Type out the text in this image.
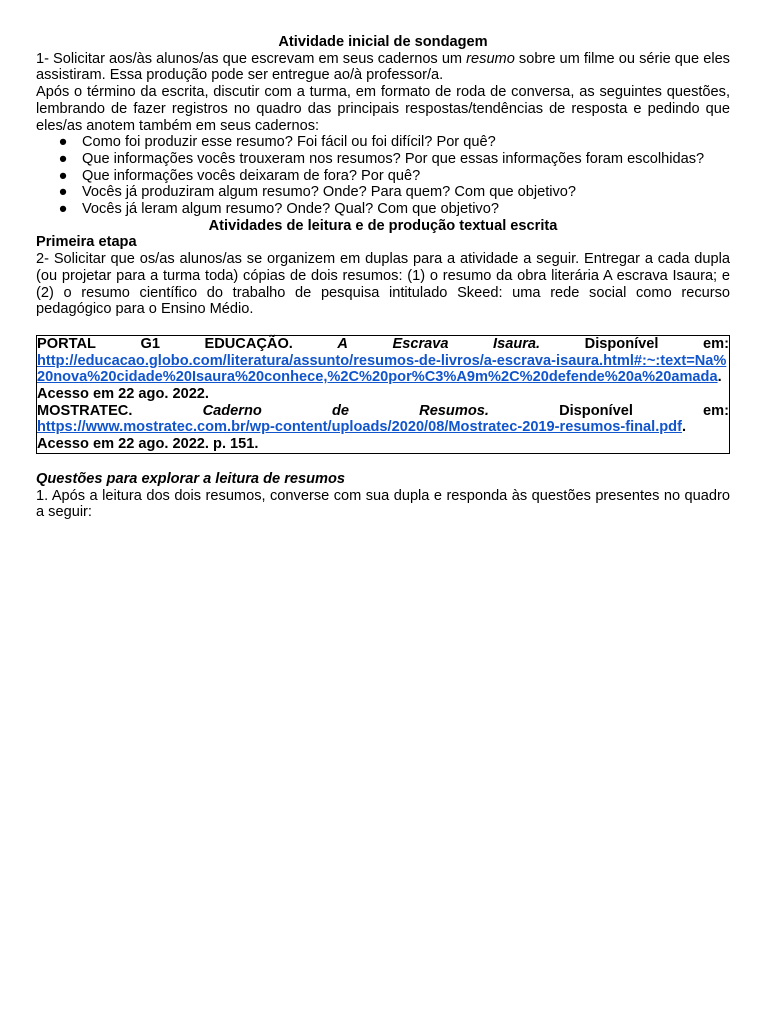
Atividade inicial de sondagem

1- Solicitar aos/às alunos/as que escrevam em seus cadernos um resumo sobre um filme ou série que eles assistiram. Essa produção pode ser entregue ao/à professor/a.

Após o término da escrita, discutir com a turma, em formato de roda de conversa, as seguintes questões, lembrando de fazer registros no quadro das principais respostas/tendências de resposta e pedindo que eles/as anotem também em seus cadernos:

● Como foi produzir esse resumo? Foi fácil ou foi difícil? Por quê?
● Que informações vocês trouxeram nos resumos? Por que essas informações foram escolhidas?
● Que informações vocês deixaram de fora? Por quê?
● Vocês já produziram algum resumo? Onde? Para quem? Com que objetivo?
● Vocês já leram algum resumo? Onde? Qual? Com que objetivo?

Atividades de leitura e de produção textual escrita

Primeira etapa

2- Solicitar que os/as alunos/as se organizem em duplas para a atividade a seguir. Entregar a cada dupla (ou projetar para a turma toda) cópias de dois resumos: (1) o resumo da obra literária A escrava Isaura; e (2) o resumo científico do trabalho de pesquisa intitulado Skeed: uma rede social como recurso pedagógico para o Ensino Médio.

PORTAL	G1	EDUCAÇÃO.	A	Escrava	Isaura.	Disponível	em:
http://educacao.globo.com/literatura/assunto/resumos-de-livros/a-escrava-isaura.html#:~:text=Na%20nova%20cidade%20Isaura%20conhece,%2C%20por%C3%A9m%2C%20defende%20a%20amada. Acesso em 22 ago. 2022.
MOSTRATEC.	Caderno	de	Resumos.	Disponível	em:
https://www.mostratec.com.br/wp-content/uploads/2020/08/Mostratec-2019-resumos-final.pdf.
Acesso em 22 ago. 2022. p. 151.

Questões para explorar a leitura de resumos

1. Após a leitura dos dois resumos, converse com sua dupla e responda às questões presentes no quadro a seguir:
